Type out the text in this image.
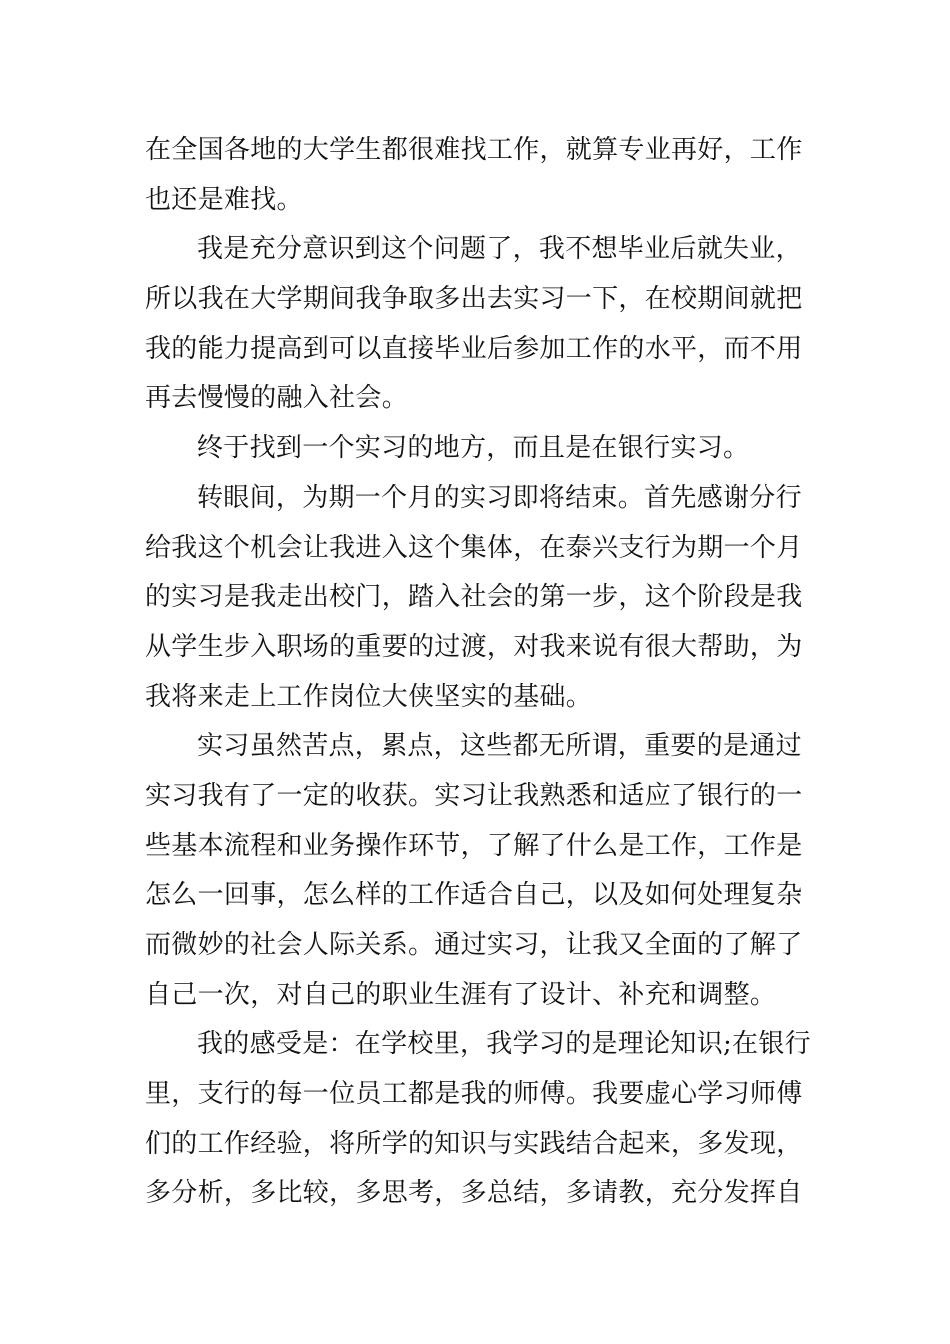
在全国各地的大学生都很难找工作，就算专业再好，工作
也还是难找。
我是充分意识到这个问题了，我不想毕业后就失业，
所以我在大学期间我争取多出去实习一下，在校期间就把
我的能力提高到可以直接毕业后参加工作的水平，而不用
再去慢慢的融入社会。
终于找到一个实习的地方，而且是在银行实习。
转眼间，为期一个月的实习即将结束。首先感谢分行
给我这个机会让我进入这个集体，在泰兴支行为期一个月
的实习是我走出校门，踏入社会的第一步，这个阶段是我
从学生步入职场的重要的过渡，对我来说有很大帮助，为
我将来走上工作岗位大侠坚实的基础。
实习虽然苦点，累点，这些都无所谓，重要的是通过
实习我有了一定的收获。实习让我熟悉和适应了银行的一
些基本流程和业务操作环节，了解了什么是工作，工作是
怎么一回事，怎么样的工作适合自己，以及如何处理复杂
而微妙的社会人际关系。通过实习，让我又全面的了解了
自己一次，对自己的职业生涯有了设计、补充和调整。
我的感受是：在学校里，我学习的是理论知识;在银行
里，支行的每一位员工都是我的师傅。我要虚心学习师傅
们的工作经验，将所学的知识与实践结合起来，多发现，
多分析，多比较，多思考，多总结，多请教，充分发挥自
